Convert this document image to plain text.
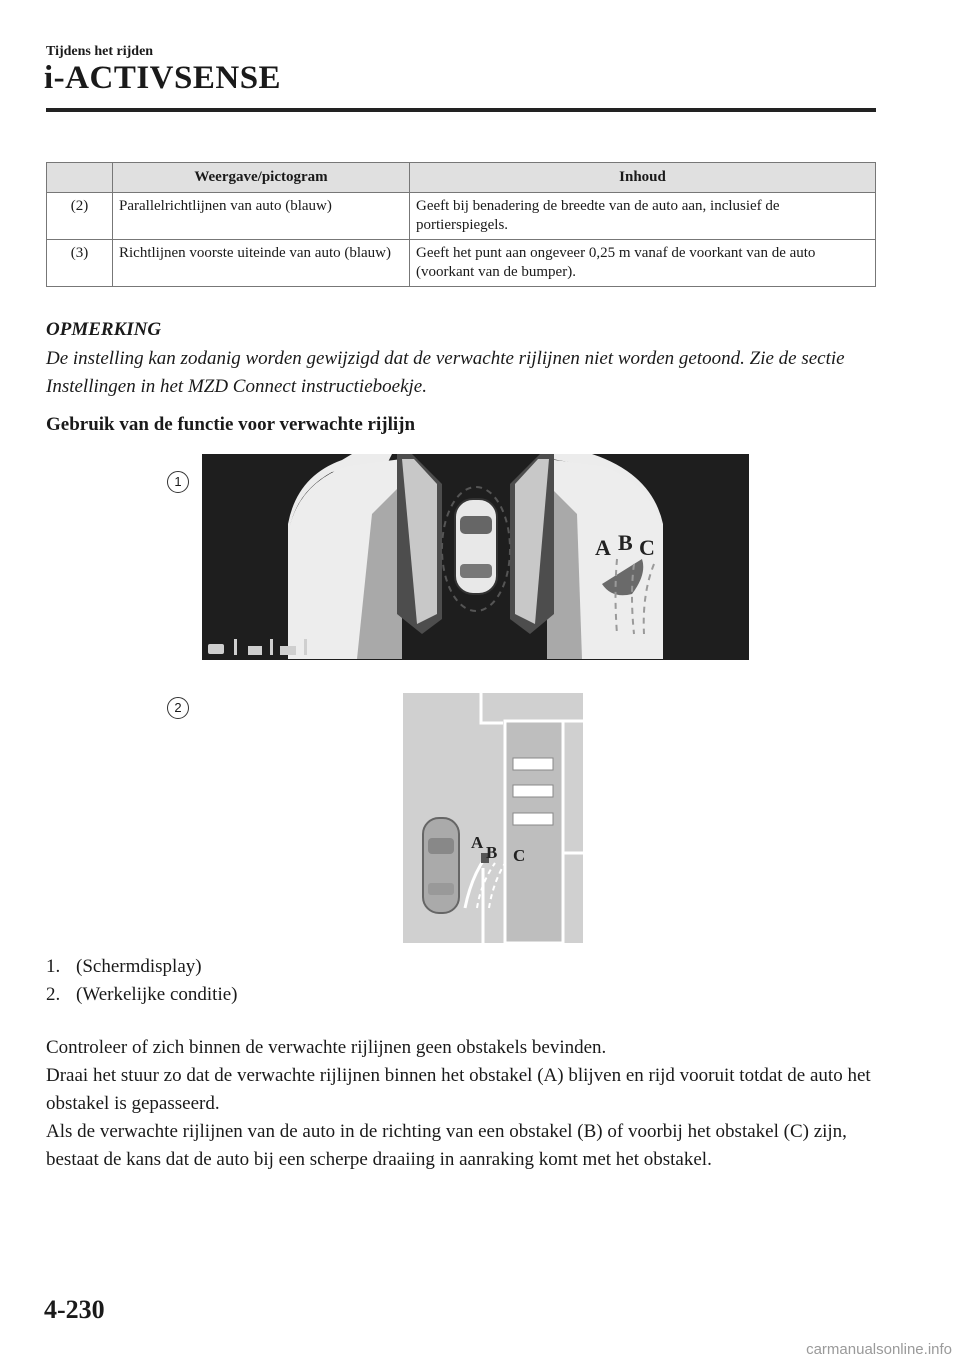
Tijdens het rijden
i-ACTIVSENSE
	Weergave/pictogram	Inhoud
(2)	Parallelrichtlijnen van auto (blauw)	Geeft bij benadering de breedte van de auto aan, inclusief de portierspiegels.
(3)	Richtlijnen voorste uiteinde van auto (blauw)	Geeft het punt aan ongeveer 0,25 m vanaf de voorkant van de auto (voorkant van de bumper).
OPMERKING
De instelling kan zodanig worden gewijzigd dat de verwachte rijlijnen niet worden getoond. Zie de sectie Instellingen in het MZD Connect instructieboekje.
Gebruik van de functie voor verwachte rijlijn
1
A B C
2
A
B C
1. (Schermdisplay)
2. (Werkelijke conditie)

Controleer of zich binnen de verwachte rijlijnen geen obstakels bevinden.

Draai het stuur zo dat de verwachte rijlijnen binnen het obstakel (A) blijven en rijd vooruit totdat de auto het obstakel is gepasseerd.

Als de verwachte rijlijnen van de auto in de richting van een obstakel (B) of voorbij het obstakel (C) zijn, bestaat de kans dat de auto bij een scherpe draaiing in aanraking komt met het obstakel.

4-230
carmanualsonline.info
